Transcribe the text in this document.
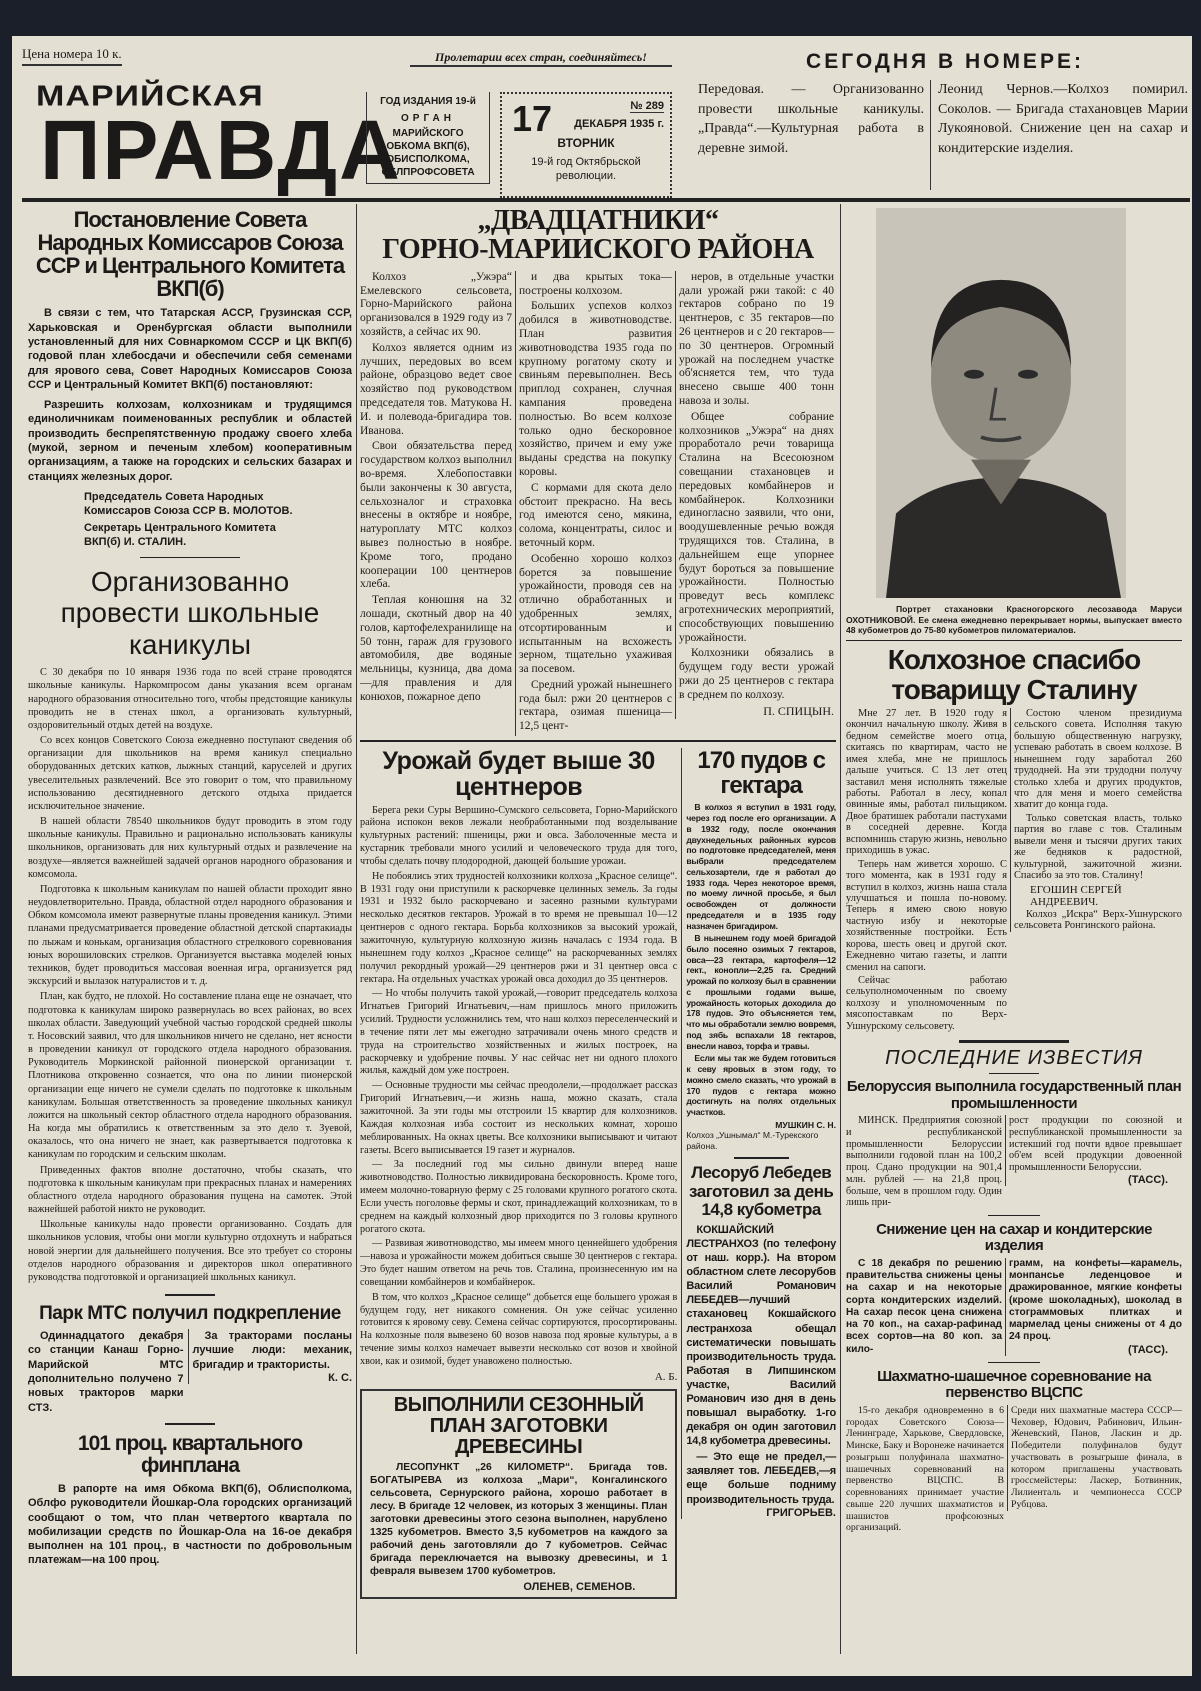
Цена номера 10 к.	Пролетарии всех стран, соединяйтесь!
МАРИЙСКАЯ
ПРАВДА
ГОД ИЗДАНИЯ 19-й
ОРГАН
МАРИЙСКОГО ОБКОМА ВКП(б), ОБИСПОЛКОМА, ОБЛПРОФСОВЕТА
17	№ 289
ДЕКАБРЯ 1935 г.
ВТОРНИК
19-й год Октябрьской революции.
СЕГОДНЯ В НОМЕРЕ:
Передовая. — Организованно провести школьные каникулы. „Правда“.—Культурная работа в деревне зимой.
Леонид Чернов.—Колхоз помирил. Соколов. — Бригада стахановцев Марии Лукояновой. Снижение цен на сахар и кондитерские изделия.
Постановление Совета Народных Комиссаров Союза ССР и Центрального Комитета ВКП(б)
В связи с тем, что Татарская АССР, Грузинская ССР, Харьковская и Оренбургская области выполнили установленный для них Совнаркомом СССР и ЦК ВКП(б) годовой план хлебосдачи и обеспечили себя семенами для ярового сева, Совет Народных Комиссаров Союза ССР и Центральный Комитет ВКП(б) постановляют:
Разрешить колхозам, колхозникам и трудящимся единоличникам поименованных республик и областей производить беспрепятственную продажу своего хлеба (мукой, зерном и печеным хлебом) кооперативным организациям, а также на городских и сельских базарах и станциях железных дорог.
Председатель Совета Народных Комиссаров Союза ССР В. МОЛОТОВ.
Секретарь Центрального Комитета ВКП(б) И. СТАЛИН.
Организованно провести школьные каникулы

С 30 декабря по 10 января 1936 года по всей стране проводятся школьные каникулы. Наркомпросом даны указания всем органам народного образования относительно того, чтобы предстоящие каникулы проводить не в стенах школ, а организовать культурный, оздоровительный отдых детей на воздухе.

Со всех концов Советского Союза ежедневно поступают сведения об организации для школьников на время каникул специально оборудованных детских катков, лыжных станций, каруселей и других увеселительных развлечений. Все это говорит о том, что правильному использованию десятидневного детского отдыха придается исключительное значение.

В нашей области 78540 школьников будут проводить в этом году школьные каникулы. Правильно и рационально использовать каникулы школьников, организовать для них культурный отдых и развлечение на воздухе—является важнейшей задачей органов народного образования и комсомола.

Подготовка к школьным каникулам по нашей области проходит явно неудовлетворительно. Правда, областной отдел народного образования и Обком комсомола имеют развернутые планы проведения каникул. Этими планами предусматривается проведение областной детской спартакиады по лыжам и конькам, организация областного стрелкового соревнования юных ворошиловских стрелков. Организуется выставка моделей юных техников, будет проводиться массовая военная игра, организуется ряд экскурсий и вылазок натуралистов и т. д.

План, как будто, не плохой. Но составление плана еще не означает, что подготовка к каникулам широко развернулась во всех районах, во всех школах области. Заведующий учебной частью городской средней школы т. Носовский заявил, что для школьников ничего не сделано, нет ясности в проведении каникул от городского отдела народного образования. Руководитель Моркинской районной пионерской организации т. Плотникова откровенно сознается, что она по линии пионерской организации еще ничего не сумели сделать по подготовке к школьным каникулам. Большая ответственность за проведение школьных каникул ложится на школьный сектор областного отдела народного образования. На когда мы обратились к ответственным за это дело т. Зуевой, оказалось, что она ничего не знает, как развертывается подготовка к каникулам по городским и сельским школам.

Приведенных фактов вполне достаточно, чтобы сказать, что подготовка к школьным каникулам при прекрасных планах и намерениях областного отдела народного образования пущена на самотек. Этой важнейшей работой никто не руководит.

Школьные каникулы надо провести организованно. Создать для школьников условия, чтобы они могли культурно отдохнуть и набраться новой энергии для дальнейшего получения. Все это требует со стороны отделов народного образования и директоров школ оперативного руководства подготовкой и организацией школьных каникул.

Парк МТС получил подкрепление
Одиннадцатого декабря со станции Канаш Горно-Марийской МТС дополнительно получено 7 новых тракторов марки СТЗ.
За тракторами посланы лучшие люди: механик, бригадир и трактористы.
К. С.
101 проц. квартального финплана
В рапорте на имя Обкома ВКП(б), Облисполкома, Облфо руководители Йошкар-Ола городских организаций сообщают о том, что план четвертого квартала по мобилизации средств по Йошкар-Ола на 16-ое декабря выполнен на 101 проц., в частности по добровольным платежам—на 100 проц.
„ДВАДЦАТНИКИ“
ГОРНО-МАРИИСКОГО РАЙОНА

Колхоз „Ужэра“ Емелевского сельсовета, Горно-Марийского района организовался в 1929 году из 7 хозяйств, а сейчас их 90.

Колхоз является одним из лучших, передовых во всем районе, образцово ведет свое хозяйство под руководством председателя тов. Матукова Н. И. и полевода-бригадира тов. Иванова.

Свои обязательства перед государством колхоз выполнил во-время. Хлебопоставки были закончены к 30 августа, сельхозналог и страховка внесены в октябре и ноябре, натуроплату МТС колхоз вывез полностью в ноябре. Кроме того, продано кооперации 100 центнеров хлеба.

Теплая конюшня на 32 лошади, скотный двор на 40 голов, картофелехранилище на 50 тонн, гараж для грузового автомобиля, две водяные мельницы, кузница, два дома—для правления и для конюхов, пожарное депо

и два крытых тока—построены колхозом.

Больших успехов колхоз добился в животноводстве. План развития животноводства 1935 года по крупному рогатому скоту и свиньям перевыполнен. Весь приплод сохранен, случная кампания проведена полностью. Во всем колхозе только одно бескоровное хозяйство, причем и ему уже выданы средства на покупку коровы.

С кормами для скота дело обстоит прекрасно. На весь год имеются сено, мякина, солома, концентраты, силос и веточный корм.

Особенно хорошо колхоз борется за повышение урожайности, проводя сев на отлично обработанных и удобренных землях, отсортированным и испытанным на всхожесть зерном, тщательно ухаживая за посевом.

Средний урожай нынешнего года был: ржи 20 центнеров с гектара, озимая пшеница—12,5 цент-

неров, в отдельные участки дали урожай ржи такой: с 40 гектаров собрано по 19 центнеров, с 35 гектаров—по 26 центнеров и с 20 гектаров—по 30 центнеров. Огромный урожай на последнем участке об'ясняется тем, что туда внесено свыше 400 тонн навоза и золы.

Общее собрание колхозников „Ужэра“ на днях проработало речи товарища Сталина на Всесоюзном совещании стахановцев и передовых комбайнеров и комбайнерок. Колхозники единогласно заявили, что они, воодушевленные речью вождя трудящихся тов. Сталина, в дальнейшем еще упорнее будут бороться за повышение урожайности. Полностью проведут весь комплекс агротехнических мероприятий, способствующих повышению урожайности.

Колхозники обязались в будущем году вести урожай ржи до 25 центнеров с гектара в среднем по колхозу.

П. СПИЦЫН.
Урожай будет выше 30 центнеров

Берега реки Суры Вершинo-Сумского сельсовета, Горно-Марийского района испокон веков лежали необработанными под возделывание культурных растений: пшеницы, ржи и овса. Заболоченные места и кустарник требовали много усилий и человеческого труда для того, чтобы сделать почву плодородной, дающей большие урожаи.

Не побоялись этих трудностей колхозники колхоза „Красное селище“. В 1931 году они приступили к раскорчевке целинных земель. За годы 1931 и 1932 было раскорчевано и засеяно разными культурами несколько десятков гектаров. Урожай в то время не превышал 10—12 центнеров с одного гектара. Борьба колхозников за высокий урожай, зажиточную, культурную колхозную жизнь началась с 1934 года. В нынешнем году колхоз „Красное селище“ на раскорчеванных землях получил рекордный урожай—29 центнеров ржи и 31 центнер овса с гектара. На отдельных участках урожай овса доходил до 35 центнеров.

— Но чтобы получить такой урожай,—говорит председатель колхоза Игнатьев Григорий Игнатьевич,—нам пришлось много приложить усилий. Трудности усложнились тем, что наш колхоз переселенческий и в течение пяти лет мы ежегодно затрачивали очень много средств и труда на строительство хозяйственных и жилых построек, на раскорчевку и удобрение почвы. У нас сейчас нет ни одного плохого жилья, каждый дом уже построен.

— Основные трудности мы сейчас преодолели,—продолжает рассказ Григорий Игнатьевич,—и жизнь наша, можно сказать, стала зажиточной. За эти годы мы отстроили 15 квартир для колхозников. Каждая колхозная изба состоит из нескольких комнат, хорошо меблированных. На окнах цветы. Все колхозники выписывают и читают газеты. Всего выписывается 19 газет и журналов.

— За последний год мы сильно двинули вперед наше животноводство. Полностью ликвидирована бескоровность. Кроме того, имеем молочно-товарную ферму с 25 головами крупного рогатого скота. Если учесть поголовье фермы и скот, принадлежащий колхозникам, то в среднем на каждый колхозный двор приходится по 3 головы крупного рогатого скота.

— Развивая животноводство, мы имеем много ценнейшего удобрения—навоза и урожайности можем добиться свыше 30 центнеров с гектара. Это будет нашим ответом на речь тов. Сталина, произнесенную им на совещании комбайнеров и комбайнерок.

В том, что колхоз „Красное селище“ добьется еще большего урожая в будущем году, нет никакого сомнения. Он уже сейчас усиленно готовится к яровому севу. Семена сейчас сортируются, просортированы. На колхозные поля вывезено 60 возов навоза под яровые культуры, а в течение зимы колхоз намечает вывезти несколько сот возов и хвойной хвои, как и озимой, будет унавожено полностью.

А. Б.
ВЫПОЛНИЛИ СЕЗОННЫЙ ПЛАН ЗАГОТОВКИ ДРЕВЕСИНЫ
ЛЕСОПУНКТ „26 КИЛОМЕТР“. Бригада тов. БОГАТЫРЕВА из колхоза „Мари“, Конгалинского сельсовета, Сернурского района, хорошо работает в лесу. В бригаде 12 человек, из которых 3 женщины. План заготовки древесины этого сезона выполнен, нарублено 1325 кубометров. Вместо 3,5 кубометров на каждого за рабочий день заготовляли до 7 кубометров. Сейчас бригада переключается на вывозку древесины, и 1 февраля вывезем 1700 кубометров.
ОЛЕНЕВ, СЕМЕНОВ.
170 пудов с гектара

В колхоз я вступил в 1931 году, через год после его организации. А в 1932 году, после окончания двухнедельных районных курсов по подготовке председателей, меня выбрали председателем сельхозартели, где я работал до 1933 года. Через некоторое время, по моему личной просьбе, я был освобожден от должности председателя и в 1935 году назначен бригадиром.

В нынешнем году моей бригадой было посеяно озимых 7 гектаров, овса—23 гектара, картофеля—12 гект., конопли—2,25 га. Средний урожай по колхозу был в сравнении с прошлыми годами выше, урожайность которых доходила до 178 пудов. Это объясняется тем, что мы обработали землю вовремя, под зябь вспахали 18 гектаров, внесли навоз, торфа и травы.

Если мы так же будем готовиться к севу яровых в этом году, то можно смело сказать, что урожай в 170 пудов с гектара можно достигнуть на полях отдельных участков.

МУШКИН С. Н.
Колхоз „Ушнымал“ М.-Турекского района.
Лесоруб Лебедев заготовил за день 14,8 кубометра

КОКШАЙСКИЙ ЛЕСТРАНХОЗ (по телефону от наш. корр.). На втором областном слете лесорубов Василий Романович ЛЕБЕДЕВ—лучший стахановец Кокшайского лестранхоза обещал систематически повышать производительность труда. Работая в Липшинском участке, Василий Романович изо дня в день повышал выработку. 1-го декабря он один заготовил 14,8 кубометра древесины.

— Это еще не предел,—заявляет тов. ЛЕБЕДЕВ,—я еще больше подниму производительность труда.

ГРИГОРЬЕВ.
Портрет стахановки Красногорского лесозавода Маруси ОХОТНИКОВОЙ. Ее смена ежедневно перекрывает нормы, выпускает вместо 48 кубометров до 75-80 кубометров пиломатериалов.
Колхозное спасибо товарищу Сталину

Мне 27 лет. В 1920 году я окончил начальную школу. Живя в бедном семействе моего отца, скитаясь по квартирам, часто не имея хлеба, мне не пришлось дальше учиться. С 13 лет отец заставил меня исполнять тяжелые работы. Работал в лесу, копал овинные ямы, работал пильщиком. Двое братишек работали пастухами в соседней деревне. Когда вспомнишь старую жизнь, невольно приходишь в ужас.

Теперь нам живется хорошо. С того момента, как в 1931 году я вступил в колхоз, жизнь наша стала улучшаться и пошла по-новому. Теперь я имею свою новую частную избу и некоторые хозяйственные постройки. Есть корова, шесть овец и другой скот. Ежедневно читаю газеты, и лапти сменил на сапоги.

Сейчас работаю сельуполномоченным по своему колхозу и уполномоченным по мясопоставкам по Верх-Ушнурскому сельсовету.

Состою членом президиума сельского совета. Исполняя такую большую общественную нагрузку, успеваю работать в своем колхозе. В нынешнем году заработал 260 трудодней. На эти трудодни получу столько хлеба и других продуктов, что для меня и моего семейства хватит до конца года.

Только советская власть, только партия во главе с тов. Сталиным вывели меня и тысячи других таких же бедняков к радостной, культурной, зажиточной жизни. Спасибо за это тов. Сталину!

ЕГОШИН СЕРГЕЙ АНДРЕЕВИЧ.
Колхоз „Искра“ Верх-Ушнурского сельсовета Ронгинского района.
ПОСЛЕДНИЕ ИЗВЕСТИЯ
Белоруссия выполнила государственный план промышленности
МИНСК. Предприятия союзной и республиканской промышленности Белоруссии выполнили годовой план на 100,2 проц. Сдано продукции на 901,4 млн. рублей — на 21,8 проц. больше, чем в прошлом году. Один лишь при-
рост продукции по союзной и республиканской промышленности за истекший год почти вдвое превышает об'ем всей продукции довоенной промышленности Белоруссии.
(ТАСС).
Снижение цен на сахар и кондитерские изделия
С 18 декабря по решению правительства снижены цены на сахар и на некоторые сорта кондитерских изделий. На сахар песок цена снижена на 70 коп., на сахар-рафинад всех сортов—на 80 коп. за кило-
грамм, на конфеты—карамель, монпансье леденцовое и дражированное, мягкие конфеты (кроме шоколадных), шоколад в стограммовых плитках и мармелад цены снижены от 4 до 24 проц.
(ТАСС).
Шахматно-шашечное соревнование на первенство ВЦСПС
15-го декабря одновременно в 6 городах Советского Союза—Ленинграде, Харькове, Свердловске, Минске, Баку и Воронеже начинается розыгрыш полуфинала шахматно-шашечных соревнований на первенство ВЦСПС. В соревнованиях принимает участие свыше 220 лучших шахматистов и шашистов профсоюзных организаций.
Среди них шахматные мастера СССР—Чеховер, Юдович, Рабинович, Ильин-Женевский, Панов, Ласкин и др. Победители полуфиналов будут участвовать в розыгрыше финала, в котором приглашены участвовать гроссмейстеры: Ласкер, Ботвинник, Лилиенталь и чемпионесса СССР Рубцова.
